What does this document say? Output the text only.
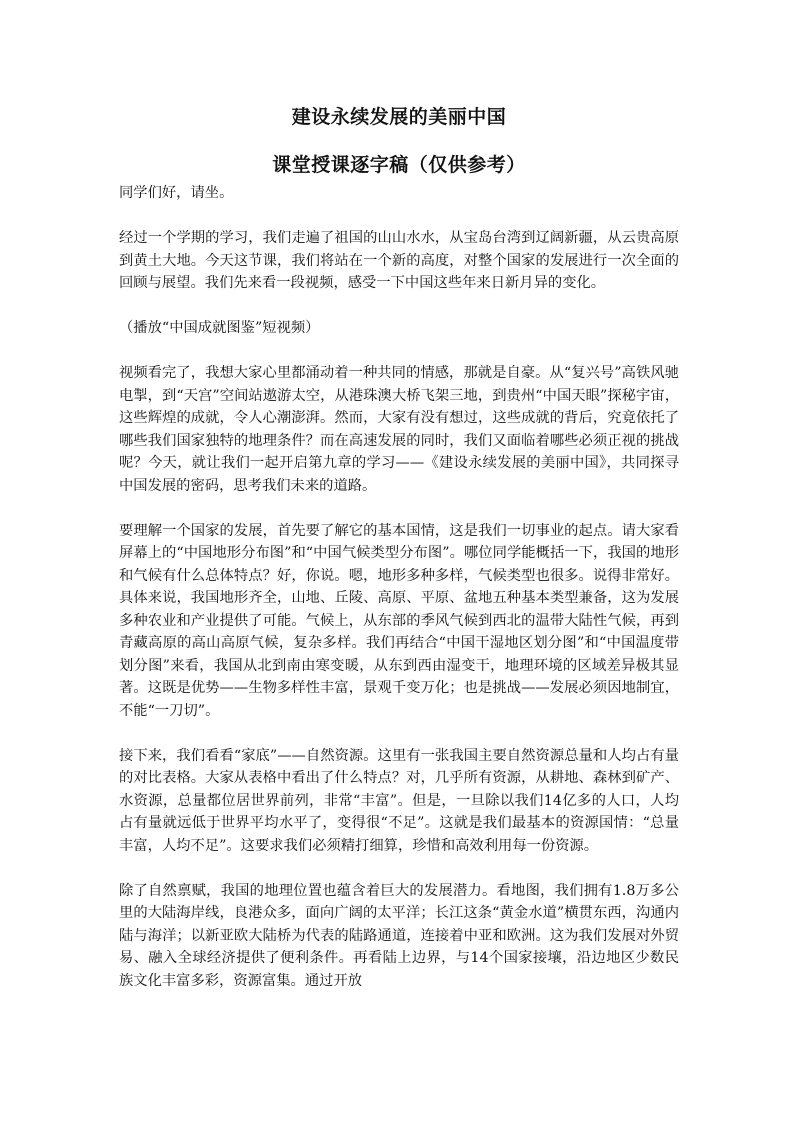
建设永续发展的美丽中国
课堂授课逐字稿（仅供参考）

同学们好，请坐。

经过一个学期的学习，我们走遍了祖国的山山水水，从宝岛台湾到辽阔新疆，从云贵高原到黄土大地。今天这节课，我们将站在一个新的高度，对整个国家的发展进行一次全面的回顾与展望。我们先来看一段视频，感受一下中国这些年来日新月异的变化。

（播放“中国成就图鉴”短视频）

视频看完了，我想大家心里都涌动着一种共同的情感，那就是自豪。从“复兴号”高铁风驰电掣，到“天宫”空间站遨游太空，从港珠澳大桥飞架三地，到贵州“中国天眼”探秘宇宙，这些辉煌的成就，令人心潮澎湃。然而，大家有没有想过，这些成就的背后，究竟依托了哪些我们国家独特的地理条件？而在高速发展的同时，我们又面临着哪些必须正视的挑战呢？今天，就让我们一起开启第九章的学习——《建设永续发展的美丽中国》，共同探寻中国发展的密码，思考我们未来的道路。

要理解一个国家的发展，首先要了解它的基本国情，这是我们一切事业的起点。请大家看屏幕上的“中国地形分布图”和“中国气候类型分布图”。哪位同学能概括一下，我国的地形和气候有什么总体特点？好，你说。嗯，地形多种多样，气候类型也很多。说得非常好。具体来说，我国地形齐全，山地、丘陵、高原、平原、盆地五种基本类型兼备，这为发展多种农业和产业提供了可能。气候上，从东部的季风气候到西北的温带大陆性气候，再到青藏高原的高山高原气候，复杂多样。我们再结合“中国干湿地区划分图”和“中国温度带划分图”来看，我国从北到南由寒变暖，从东到西由湿变干，地理环境的区域差异极其显著。这既是优势——生物多样性丰富，景观千变万化；也是挑战——发展必须因地制宜，不能“一刀切”。

接下来，我们看看“家底”——自然资源。这里有一张我国主要自然资源总量和人均占有量的对比表格。大家从表格中看出了什么特点？对，几乎所有资源，从耕地、森林到矿产、水资源，总量都位居世界前列，非常“丰富”。但是，一旦除以我们14亿多的人口，人均占有量就远低于世界平均水平了，变得很“不足”。这就是我们最基本的资源国情：“总量丰富，人均不足”。这要求我们必须精打细算，珍惜和高效利用每一份资源。

除了自然禀赋，我国的地理位置也蕴含着巨大的发展潜力。看地图，我们拥有1.8万多公里的大陆海岸线，良港众多，面向广阔的太平洋；长江这条“黄金水道”横贯东西，沟通内陆与海洋；以新亚欧大陆桥为代表的陆路通道，连接着中亚和欧洲。这为我们发展对外贸易、融入全球经济提供了便利条件。再看陆上边界，与14个国家接壤，沿边地区少数民族文化丰富多彩，资源富集。通过开放
